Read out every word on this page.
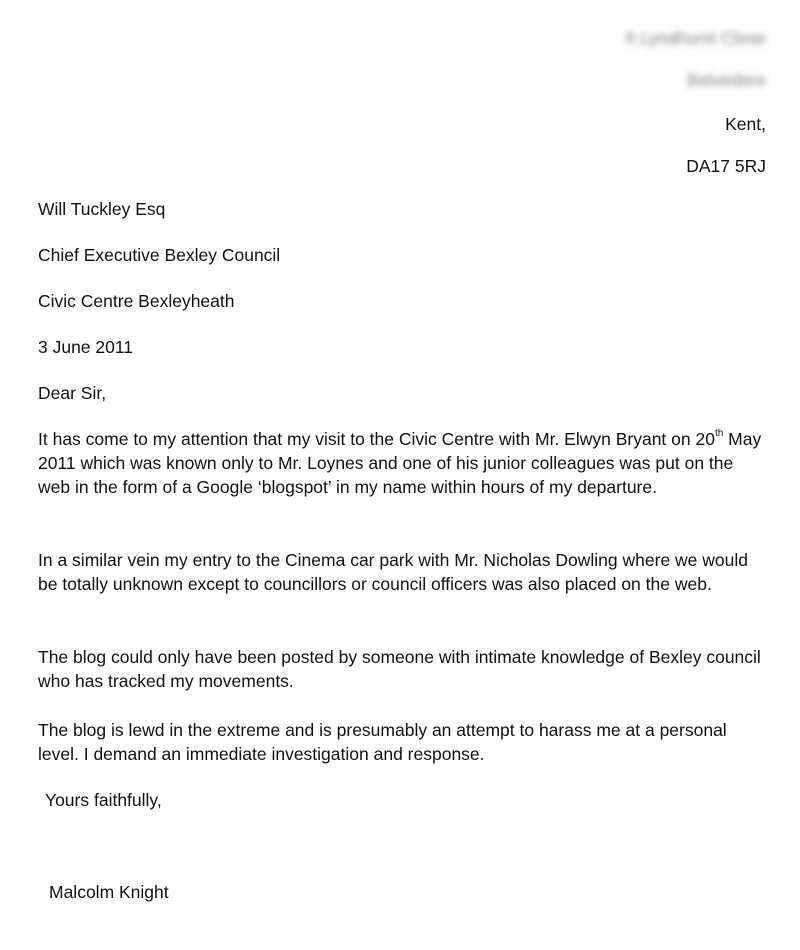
6 Lyndhurst Close
Belvedere
Kent,
DA17 5RJ
Will Tuckley Esq
Chief Executive Bexley Council
Civic Centre Bexleyheath
3 June 2011
Dear Sir,

It has come to my attention that my visit to the Civic Centre with Mr. Elwyn Bryant on 20th May 2011 which was known only to Mr. Loynes and one of his junior colleagues was put on the web in the form of a Google ‘blogspot’ in my name within hours of my departure.

In a similar vein my entry to the Cinema car park with Mr. Nicholas Dowling where we would be totally unknown except to councillors or council officers was also placed on the web.

The blog could only have been posted by someone with intimate knowledge of Bexley council who has tracked my movements.

The blog is lewd in the extreme and is presumably an attempt to harass me at a personal level. I demand an immediate investigation and response.

Yours faithfully,
Malcolm Knight
